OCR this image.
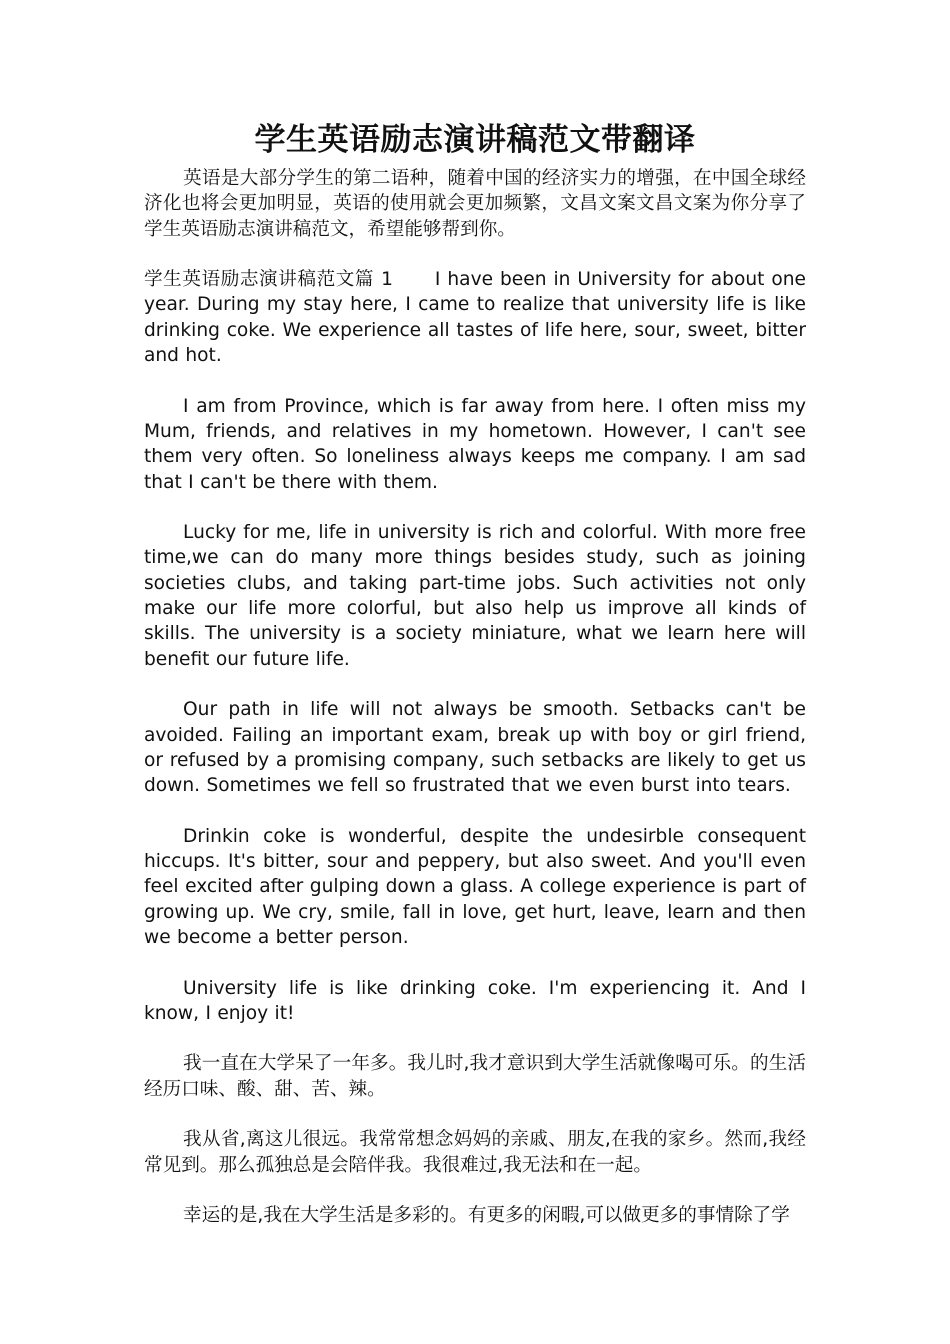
学生英语励志演讲稿范文带翻译

英语是大部分学生的第二语种，随着中国的经济实力的增强，在中国全球经济化也将会更加明显，英语的使用就会更加频繁，文昌文案文昌文案为你分享了学生英语励志演讲稿范文，希望能够帮到你。

学生英语励志演讲稿范文篇 1 I have been in University for about one year. During my stay here, I came to realize that university life is like drinking coke. We experience all tastes of life here, sour, sweet, bitter and hot.

I am from Province, which is far away from here. I often miss my Mum, friends, and relatives in my hometown. However, I can't see them very often. So loneliness always keeps me company. I am sad that I can't be there with them.

Lucky for me, life in university is rich and colorful. With more free time,we can do many more things besides study, such as joining societies clubs, and taking part-time jobs. Such activities not only make our life more colorful, but also help us improve all kinds of skills. The university is a society miniature, what we learn here will benefit our future life.

Our path in life will not always be smooth. Setbacks can't be avoided. Failing an important exam, break up with boy or girl friend, or refused by a promising company, such setbacks are likely to get us down. Sometimes we fell so frustrated that we even burst into tears.

Drinkin coke is wonderful, despite the undesirble consequent hiccups. It's bitter, sour and peppery, but also sweet. And you'll even feel excited after gulping down a glass. A college experience is part of growing up. We cry, smile, fall in love, get hurt, leave, learn and then we become a better person.

University life is like drinking coke. I'm experiencing it. And I know, I enjoy it!

我一直在大学呆了一年多。我儿时,我才意识到大学生活就像喝可乐。的生活经历口味、酸、甜、苦、辣。

我从省,离这儿很远。我常常想念妈妈的亲戚、朋友,在我的家乡。然而,我经常见到。那么孤独总是会陪伴我。我很难过,我无法和在一起。

幸运的是,我在大学生活是多彩的。有更多的闲暇,可以做更多的事情除了学
